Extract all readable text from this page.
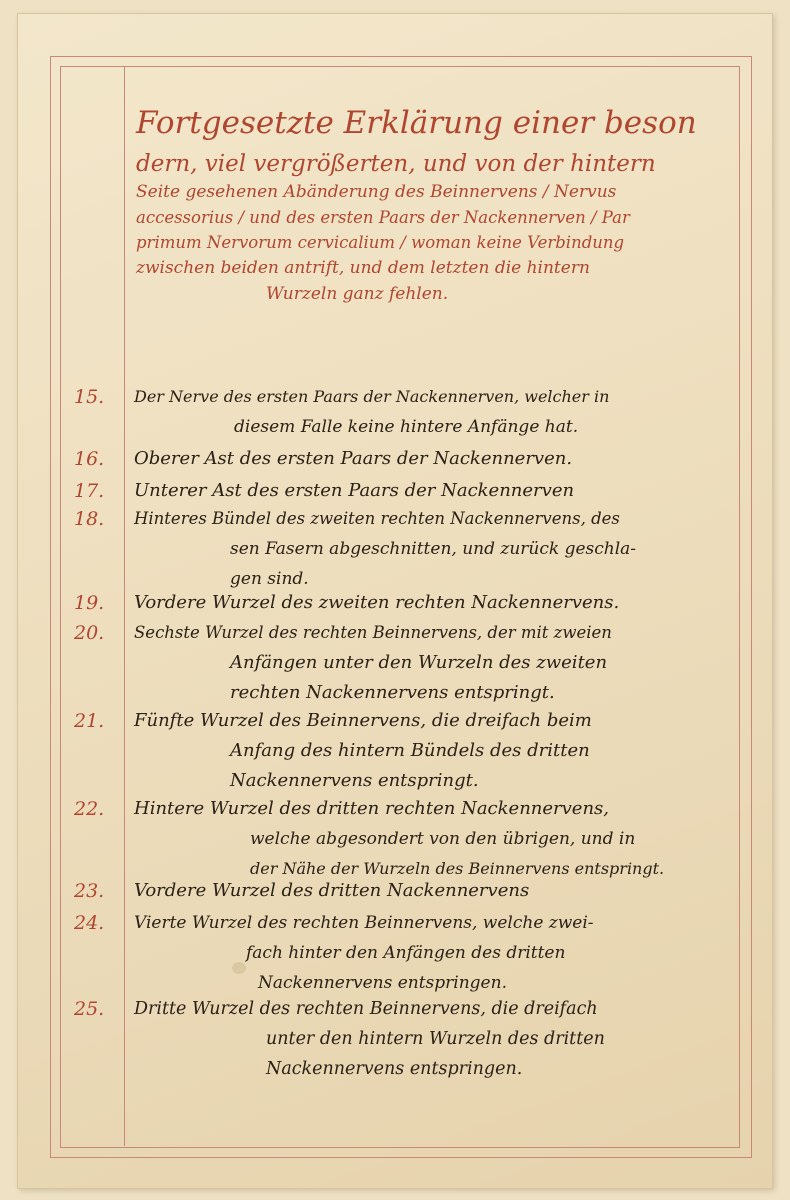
Fortgesetzte Erklärung einer beson
dern, viel vergrößerten, und von der hintern
Seite gesehenen Abänderung des Beinnervens / Nervus
accessorius / und des ersten Paars der Nackennerven / Par
primum Nervorum cervicalium / woman keine Verbindung
zwischen beiden antrift, und dem letzten die hintern
Wurzeln ganz fehlen.
15.	Der Nerve des ersten Paars der Nackennerven, welcher in
diesem Falle keine hintere Anfänge hat.
16.	Oberer Ast des ersten Paars der Nackennerven.
17.	Unterer Ast des ersten Paars der Nackennerven
18.	Hinteres Bündel des zweiten rechten Nackennervens, des
sen Fasern abgeschnitten, und zurück geschla-
gen sind.
19.	Vordere Wurzel des zweiten rechten Nackennervens.
20.	Sechste Wurzel des rechten Beinnervens, der mit zweien
Anfängen unter den Wurzeln des zweiten
rechten Nackennervens entspringt.
21.	Fünfte Wurzel des Beinnervens, die dreifach beim
Anfang des hintern Bündels des dritten
Nackennervens entspringt.
22.	Hintere Wurzel des dritten rechten Nackennervens,
welche abgesondert von den übrigen, und in
der Nähe der Wurzeln des Beinnervens entspringt.
23.	Vordere Wurzel des dritten Nackennervens
24.	Vierte Wurzel des rechten Beinnervens, welche zwei-
fach hinter den Anfängen des dritten
Nackennervens entspringen.
25.	Dritte Wurzel des rechten Beinnervens, die dreifach
unter den hintern Wurzeln des dritten
Nackennervens entspringen.
